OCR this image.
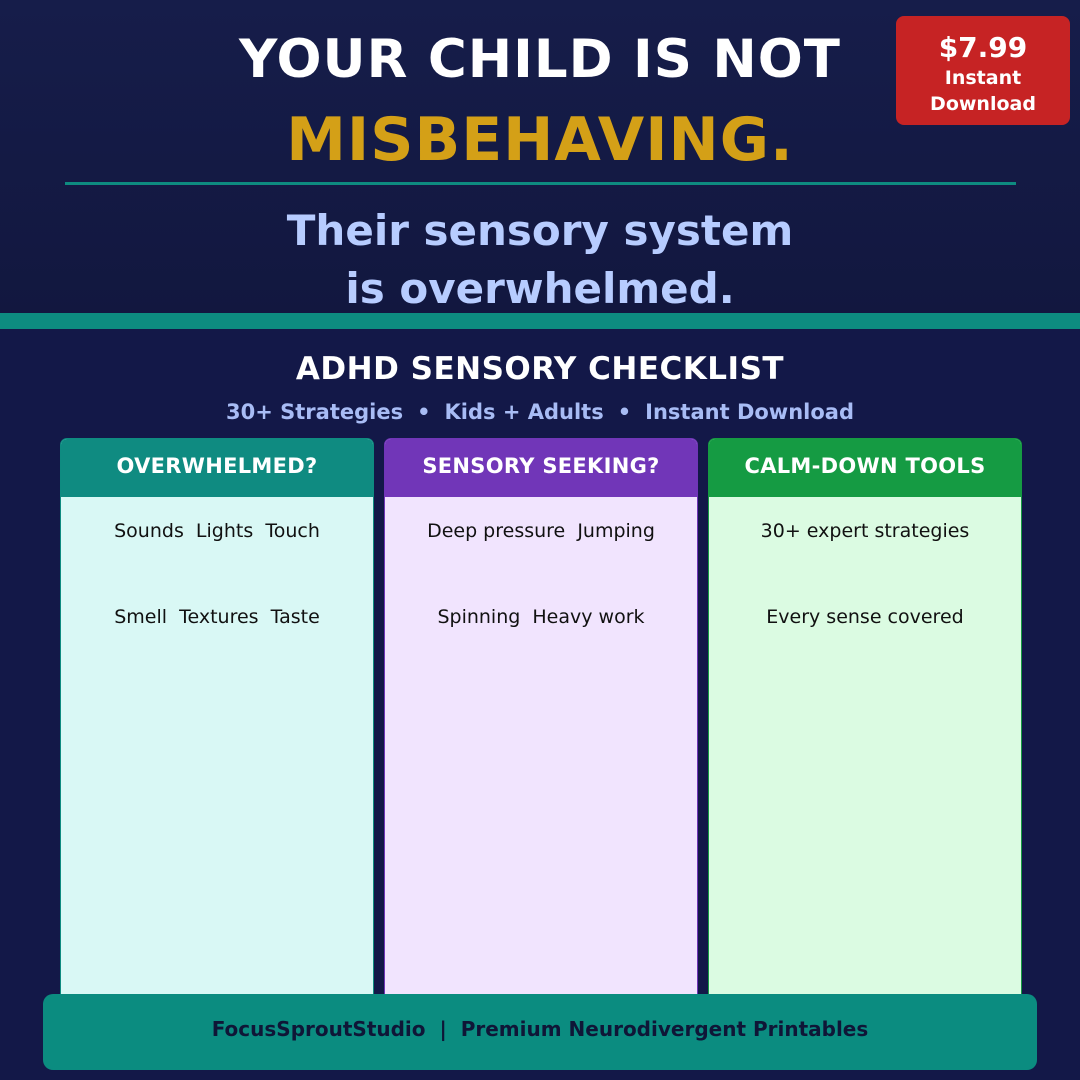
YOUR CHILD IS NOT
MISBEHAVING.
Their sensory system
is overwhelmed.
$7.99
Instant
Download
ADHD SENSORY CHECKLIST
30+ Strategies • Kids + Adults • Instant Download
OVERWHELMED?
Sounds  Lights  Touch
Smell  Textures  Taste
SENSORY SEEKING?
Deep pressure  Jumping
Spinning  Heavy work
CALM-DOWN TOOLS
30+ expert strategies
Every sense covered
FocusSproutStudio | Premium Neurodivergent Printables
